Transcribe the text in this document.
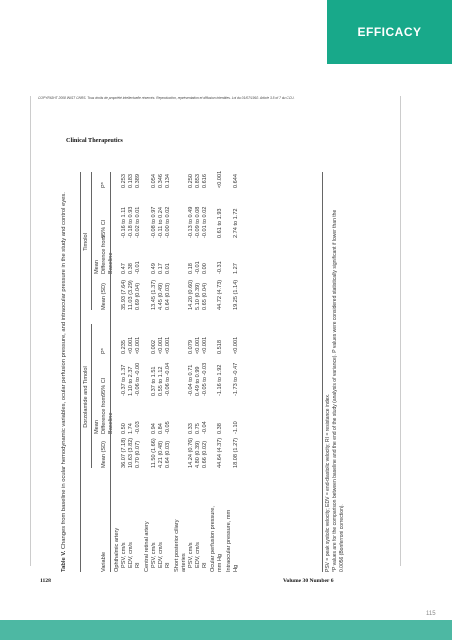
EFFICACY
COPYRIGHT 2008 INIST CNRS. Tous droits de propriété intellectuelle réservés. Reproduction, représentation et diffusion interdites. Loi du 01/07/1992. Article 3.5 of 7 du CCU.
Clinical Therapeutics
Table V. Changes from baseline in ocular hemodynamic variables, ocular perfusion pressure, and intraocular pressure in the study and control eyes.	Dorzolamide and Timolol
Timolol
Variable
Mean (SD)
Mean Difference from Baseline
95% CI
P*
Mean (SD)
Mean Difference from Baseline
95% CI
P*
Ophthalmic artery PSV, cm/s
36.07 (7.18)
0.50
-0.37 to 1.37
0.235
35.93 (7.64)
0.47
-0.16 to 1.11
0.253
EDV, cm/s
10.63 (3.82)
1.74
1.10 to 2.37
<0.001
11.03 (3.29)
0.38
-0.18 to 0.93
0.183
RI
0.70 (0.07)
-0.03
-0.06 to -0.00
<0.001
0.69 (0.04)
-0.01
-0.02 to 0.01
0.389
Central retinal artery PSV, cm/s
11.50 (1.66)
0.94
0.37 to 1.51
0.002
13.45 (1.37)
0.49
-0.08 to 0.97
0.054
EDV, cm/s
4.21 (0.48)
0.84
0.55 to 1.12
<0.001
4.45 (0.49)
0.17
-0.11 to 0.24
0.346
RI
0.64 (0.03)
-0.05
-0.06 to -0.04
<0.001
0.64 (0.03)
0.01
-0.00 to 0.02
0.134
Short posterior ciliary arteries PSV, cm/s
14.24 (0.76)
0.33
-0.04 to 0.71
0.079
14.20 (0.60)
0.18
-0.13 to 0.49
0.250
EDV, cm/s
4.80 (0.39)
0.75
0.49 to 0.99
<0.001
5.10 (0.39)
-0.01
-0.09 to 0.08
0.853
RI
0.66 (0.02)
-0.04
-0.05 to -0.03
<0.001
0.65 (0.04)
0.00
-0.01 to 0.02
0.616
Ocular perfusion pressure, mm Hg
44.64 (4.37)
0.38
-1.16 to 1.92
0.518
44.72 (4.73)
-0.31
0.61 to 1.93
<0.001
Intraocular pressure, mm Hg
18.08 (1.27)
-1.10
-1.73 to -0.47
<0.001
19.25 (1.14)
1.27
2.74 to 1.72
0.644
PSV = peak systolic velocity; EDV = end-diastolic velocity; RI = resistance index. *P values are for the comparison between baseline and the end of the study (analysis of variance). P values were considered statistically significant if lower than the 0.0056 (Bonferroni correction).
1128	Volume 30 Number 6
115
